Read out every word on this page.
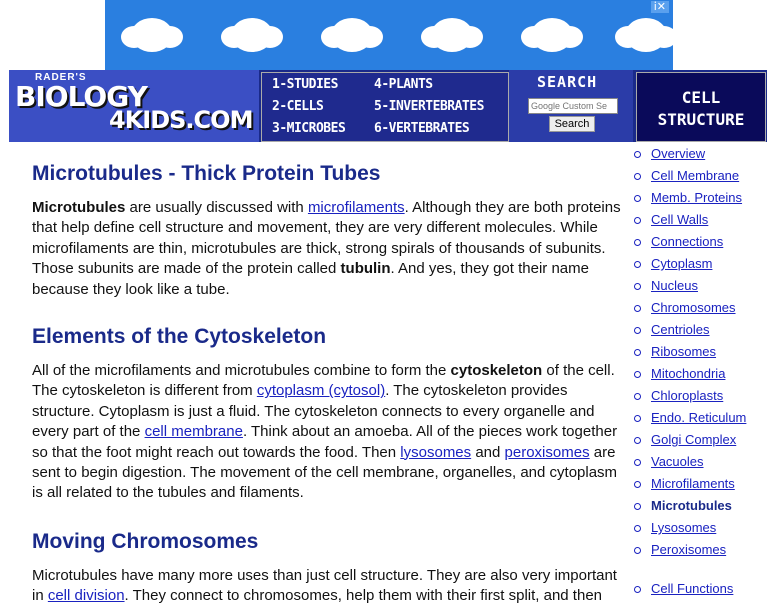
ⅰ✕
RADER'S
BIOLOGY
4KIDS.COM
1-STUDIES
2-CELLS
3-MICROBES
4-PLANTS
5-INVERTEBRATES
6-VERTEBRATES
SEARCH
Google Custom Se
Search
CELL
STRUCTURE
Microtubules - Thick Protein Tubes

Microtubules are usually discussed with microfilaments. Although they are both proteins that help define cell structure and movement, they are very different molecules. While microfilaments are thin, microtubules are thick, strong spirals of thousands of subunits. Those subunits are made of the protein called tubulin. And yes, they got their name because they look like a tube.

Elements of the Cytoskeleton

All of the microfilaments and microtubules combine to form the cytoskeleton of the cell. The cytoskeleton is different from cytoplasm (cytosol). The cytoskeleton provides structure. Cytoplasm is just a fluid. The cytoskeleton connects to every organelle and every part of the cell membrane. Think about an amoeba. All of the pieces work together so that the foot might reach out towards the food. Then lysosomes and peroxisomes are sent to begin digestion. The movement of the cell membrane, organelles, and cytoplasm is all related to the tubules and filaments.

Moving Chromosomes

Microtubules have many more uses than just cell structure. They are also very important in cell division. They connect to chromosomes, help them with their first split, and then

Overview
Cell Membrane
Memb. Proteins
Cell Walls
Connections
Cytoplasm
Nucleus
Chromosomes
Centrioles
Ribosomes
Mitochondria
Chloroplasts
Endo. Reticulum
Golgi Complex
Vacuoles
Microfilaments
Microtubules
Lysosomes
Peroxisomes
Cell Functions
